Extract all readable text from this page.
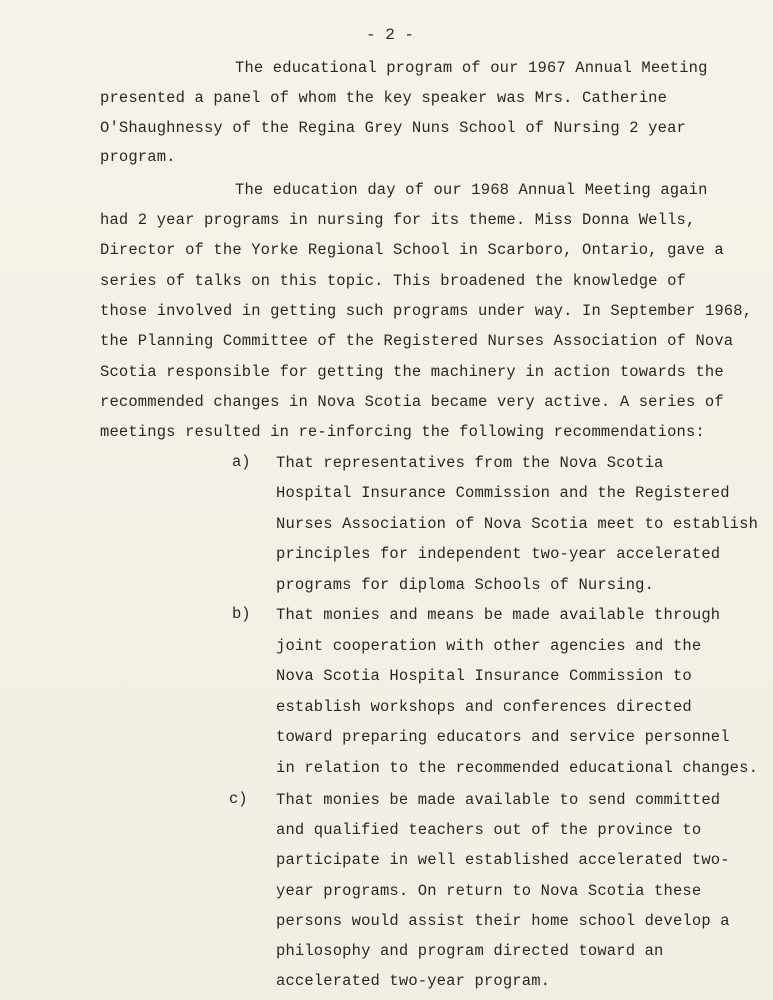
- 2 -
The educational program of our 1967 Annual Meeting
presented a panel of whom the key speaker was Mrs. Catherine
O'Shaughnessy of the Regina Grey Nuns School of Nursing 2 year
program.
The education day of our 1968 Annual Meeting again
had 2 year programs in nursing for its theme. Miss Donna Wells,
Director of the Yorke Regional School in Scarboro, Ontario, gave a
series of talks on this topic. This broadened the knowledge of
those involved in getting such programs under way. In September 1968,
the Planning Committee of the Registered Nurses Association of Nova
Scotia responsible for getting the machinery in action towards the
recommended changes in Nova Scotia became very active. A series of
meetings resulted in re-inforcing the following recommendations:
a) That representatives from the Nova Scotia
Hospital Insurance Commission and the Registered
Nurses Association of Nova Scotia meet to establish
principles for independent two-year accelerated
programs for diploma Schools of Nursing.
b) That monies and means be made available through
joint cooperation with other agencies and the
Nova Scotia Hospital Insurance Commission to
establish workshops and conferences directed
toward preparing educators and service personnel
in relation to the recommended educational changes.
c) That monies be made available to send committed
and qualified teachers out of the province to
participate in well established accelerated two-
year programs. On return to Nova Scotia these
persons would assist their home school develop a
philosophy and program directed toward an
accelerated two-year program.
